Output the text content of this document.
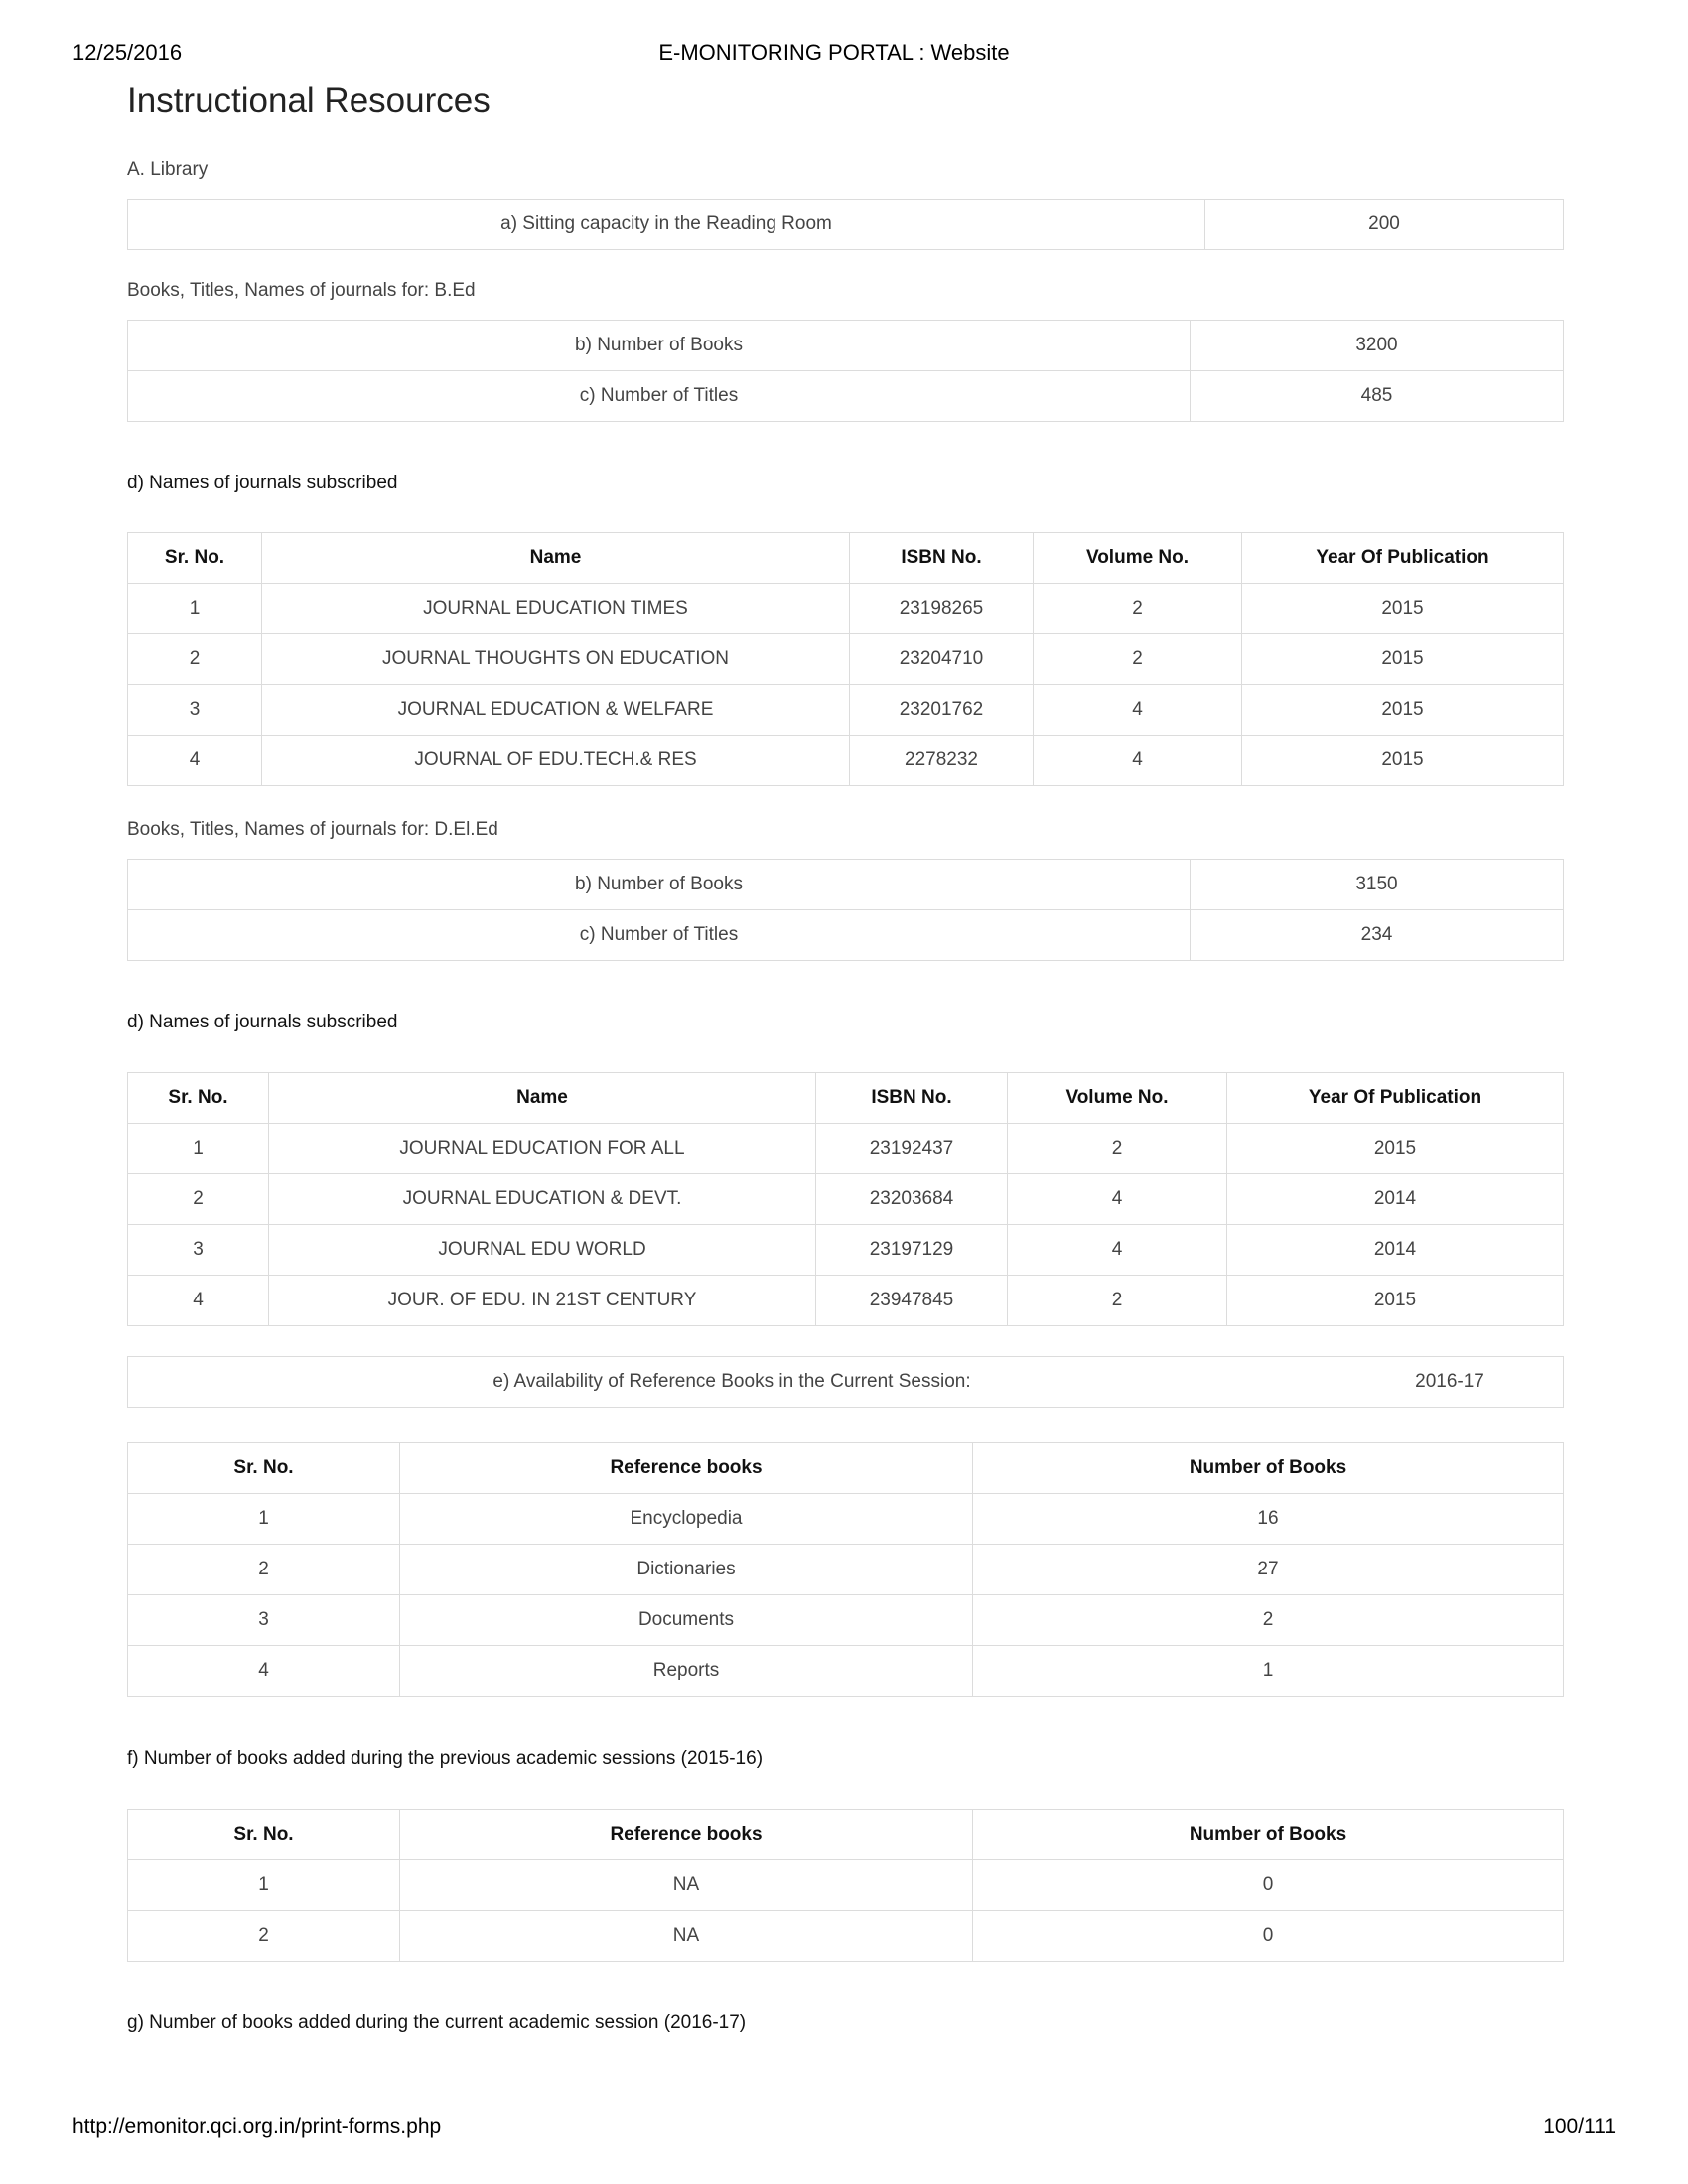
12/25/2016	E-MONITORING PORTAL : Website
Instructional Resources
A. Library
a) Sitting capacity in the Reading Room	200
Books, Titles, Names of journals for: B.Ed
b) Number of Books	3200
c) Number of Titles	485
d) Names of journals subscribed
Sr. No.	Name	ISBN No.	Volume No.	Year Of Publication
1	JOURNAL EDUCATION TIMES	23198265	2	2015
2	JOURNAL THOUGHTS ON EDUCATION	23204710	2	2015
3	JOURNAL EDUCATION & WELFARE	23201762	4	2015
4	JOURNAL OF EDU.TECH.& RES	2278232	4	2015
Books, Titles, Names of journals for: D.El.Ed
b) Number of Books	3150
c) Number of Titles	234
d) Names of journals subscribed
Sr. No.	Name	ISBN No.	Volume No.	Year Of Publication
1	JOURNAL EDUCATION FOR ALL	23192437	2	2015
2	JOURNAL EDUCATION & DEVT.	23203684	4	2014
3	JOURNAL EDU WORLD	23197129	4	2014
4	JOUR. OF EDU. IN 21ST CENTURY	23947845	2	2015
e) Availability of Reference Books in the Current Session:	2016-17
Sr. No.	Reference books	Number of Books
1	Encyclopedia	16
2	Dictionaries	27
3	Documents	2
4	Reports	1
f) Number of books added during the previous academic sessions (2015-16)
Sr. No.	Reference books	Number of Books
1	NA	0
2	NA	0
g) Number of books added during the current academic session (2016-17)
http://emonitor.qci.org.in/print-forms.php	100/111
